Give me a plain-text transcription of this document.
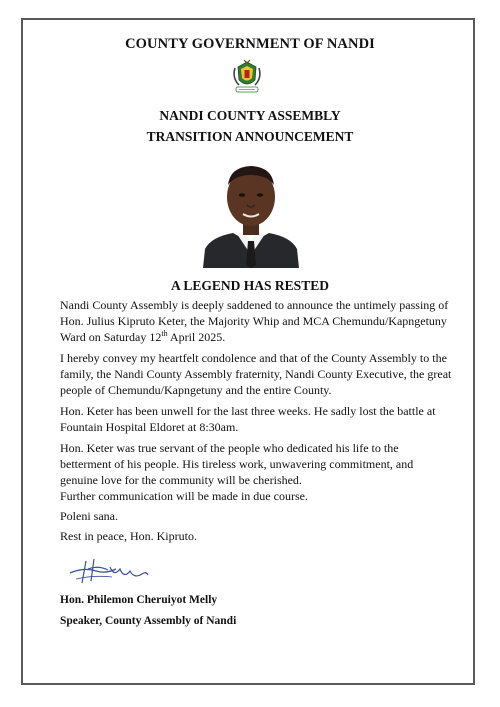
COUNTY GOVERNMENT OF NANDI
NANDI COUNTY ASSEMBLY
TRANSITION ANNOUNCEMENT
A LEGEND HAS RESTED
Nandi County Assembly is deeply saddened to announce the untimely passing of Hon. Julius Kipruto Keter, the Majority Whip and MCA Chemundu/Kapngetuny Ward on Saturday 12th April 2025.
I hereby convey my heartfelt condolence and that of the County Assembly to the family, the Nandi County Assembly fraternity, Nandi County Executive, the great people of Chemundu/Kapngetuny and the entire County.
Hon. Keter has been unwell for the last three weeks. He sadly lost the battle at Fountain Hospital Eldoret at 8:30am.
Hon. Keter was true servant of the people who dedicated his life to the betterment of his people. His tireless work, unwavering commitment, and genuine love for the community will be cherished.
Further communication will be made in due course.
Poleni sana.
Rest in peace, Hon. Kipruto.
Hon. Philemon Cheruiyot Melly
Speaker, County Assembly of Nandi
